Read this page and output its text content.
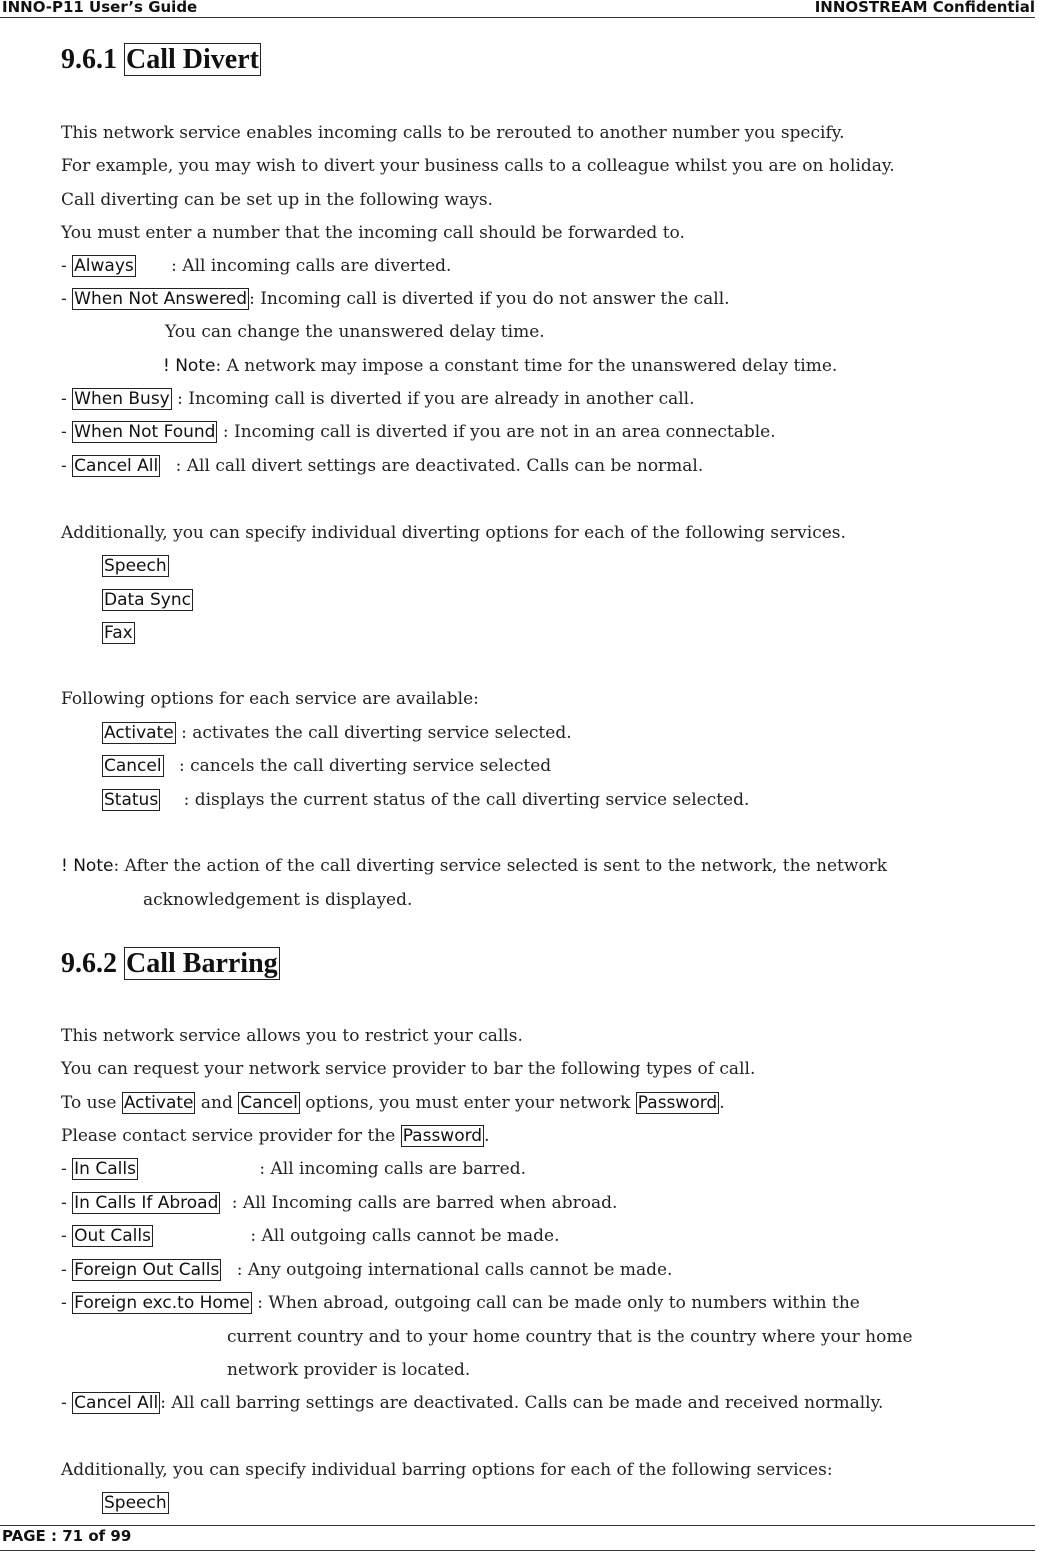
INNO-P11 User’s Guide	INNOSTREAM Confidential
9.6.1 Call Divert
This network service enables incoming calls to be rerouted to another number you specify.
For example, you may wish to divert your business calls to a colleague whilst you are on holiday.
Call diverting can be set up in the following ways.
You must enter a number that the incoming call should be forwarded to.
- Always : All incoming calls are diverted.
- When Not Answered : Incoming call is diverted if you do not answer the call.
You can change the unanswered delay time.
! Note: A network may impose a constant time for the unanswered delay time.
- When Busy : Incoming call is diverted if you are already in another call.
- When Not Found : Incoming call is diverted if you are not in an area connectable.
- Cancel All : All call divert settings are deactivated. Calls can be normal.
Additionally, you can specify individual diverting options for each of the following services.
Speech
Data Sync
Fax
Following options for each service are available:
Activate : activates the call diverting service selected.
Cancel : cancels the call diverting service selected
Status : displays the current status of the call diverting service selected.
! Note: After the action of the call diverting service selected is sent to the network, the network
acknowledgement is displayed.
9.6.2 Call Barring
This network service allows you to restrict your calls.
You can request your network service provider to bar the following types of call.
To use Activate and Cancel options, you must enter your network Password .
Please contact service provider for the Password .
- In Calls	: All incoming calls are barred.
- In Calls If Abroad : All Incoming calls are barred when abroad.
- Out Calls	: All outgoing calls cannot be made.
- Foreign Out Calls : Any outgoing international calls cannot be made.
- Foreign exc.to Home : When abroad, outgoing call can be made only to numbers within the
current country and to your home country that is the country where your home
network provider is located.
- Cancel All : All call barring settings are deactivated. Calls can be made and received normally.
Additionally, you can specify individual barring options for each of the following services:
Speech
PAGE : 71 of 99
